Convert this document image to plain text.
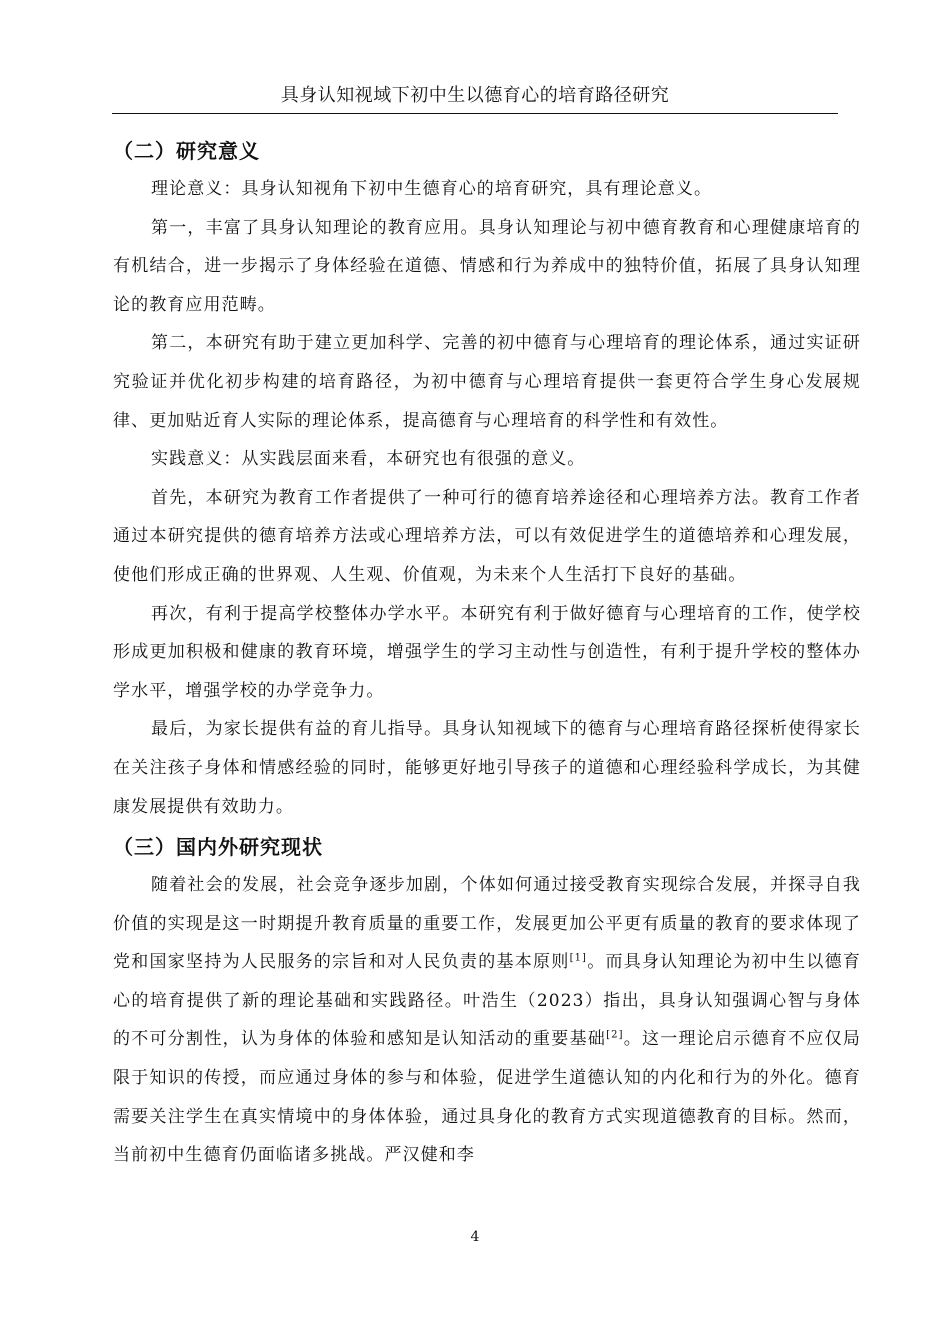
具身认知视域下初中生以德育心的培育路径研究
（二）研究意义

理论意义：具身认知视角下初中生德育心的培育研究，具有理论意义。

第一，丰富了具身认知理论的教育应用。具身认知理论与初中德育教育和心理健康培育的有机结合，进一步揭示了身体经验在道德、情感和行为养成中的独特价值，拓展了具身认知理论的教育应用范畴。

第二，本研究有助于建立更加科学、完善的初中德育与心理培育的理论体系，通过实证研究验证并优化初步构建的培育路径，为初中德育与心理培育提供一套更符合学生身心发展规律、更加贴近育人实际的理论体系，提高德育与心理培育的科学性和有效性。

实践意义：从实践层面来看，本研究也有很强的意义。

首先，本研究为教育工作者提供了一种可行的德育培养途径和心理培养方法。教育工作者通过本研究提供的德育培养方法或心理培养方法，可以有效促进学生的道德培养和心理发展，使他们形成正确的世界观、人生观、价值观，为未来个人生活打下良好的基础。

再次，有利于提高学校整体办学水平。本研究有利于做好德育与心理培育的工作，使学校形成更加积极和健康的教育环境，增强学生的学习主动性与创造性，有利于提升学校的整体办学水平，增强学校的办学竞争力。

最后，为家长提供有益的育儿指导。具身认知视域下的德育与心理培育路径探析使得家长在关注孩子身体和情感经验的同时，能够更好地引导孩子的道德和心理经验科学成长，为其健康发展提供有效助力。

（三）国内外研究现状

随着社会的发展，社会竞争逐步加剧，个体如何通过接受教育实现综合发展，并探寻自我价值的实现是这一时期提升教育质量的重要工作，发展更加公平更有质量的教育的要求体现了党和国家坚持为人民服务的宗旨和对人民负责的基本原则[1]。而具身认知理论为初中生以德育心的培育提供了新的理论基础和实践路径。叶浩生（2023）指出，具身认知强调心智与身体的不可分割性，认为身体的体验和感知是认知活动的重要基础[2]。这一理论启示德育不应仅局限于知识的传授，而应通过身体的参与和体验，促进学生道德认知的内化和行为的外化。德育需要关注学生在真实情境中的身体体验，通过具身化的教育方式实现道德教育的目标。然而，当前初中生德育仍面临诸多挑战。严汉健和李

4
